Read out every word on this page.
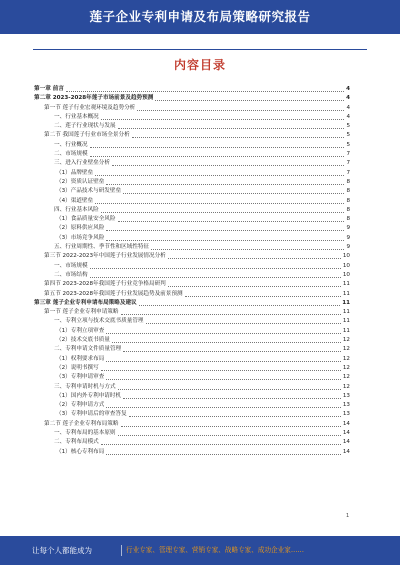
莲子企业专利申请及布局策略研究报告
内容目录
第一章 前言	4
第二章 2023-2028年莲子市场前景及趋势预测	4
第一节 莲子行业宏观环境及趋势分析	4
一、行业基本概况	4
二、莲子行业现状与发展	5
第二节 我国莲子行业市场全景分析	5
一、行业概况	5
二、市场规模	7
三、进入行业壁垒分析	7
（1）品牌壁垒	7
（2）资质认证壁垒	8
（3）产品技术与研发壁垒	8
（4）渠道壁垒	8
四、行业基本风险	8
（1）食品质量安全风险	8
（2）原料供应风险	9
（3）市场竞争风险	9
五、行业周期性、季节性和区域性特征	9
第三节 2022-2023年中国莲子行业发展情况分析	10
一、市场规模	10
二、市场结构	10
第四节 2023-2028年我国莲子行业竞争格局研判	11
第五节 2023-2028年我国莲子行业发展趋势及前景预测	11
第三章 莲子企业专利申请布局策略及建议	11
第一节 莲子企业专利申请策略	11
一、专利立项与技术交底书质量管理	11
（1）专利立项审查	11
（2）技术交底书质量	12
二、专利申请文件质量管理	12
（1）权利要求布局	12
（2）说明书撰写	12
（3）专利申请审查	12
三、专利申请时机与方式	12
（1）国内外专利申请时机	13
（2）专利申请方式	13
（3）专利申请后的审查答复	13
第二节 莲子企业专利布局策略	14
一、专利布局的基本原则	14
二、专利布局模式	14
（1）核心专利布局	14
1
让每个人都能成为	行业专家、管理专家、营销专家、战略专家、成功企业家……
